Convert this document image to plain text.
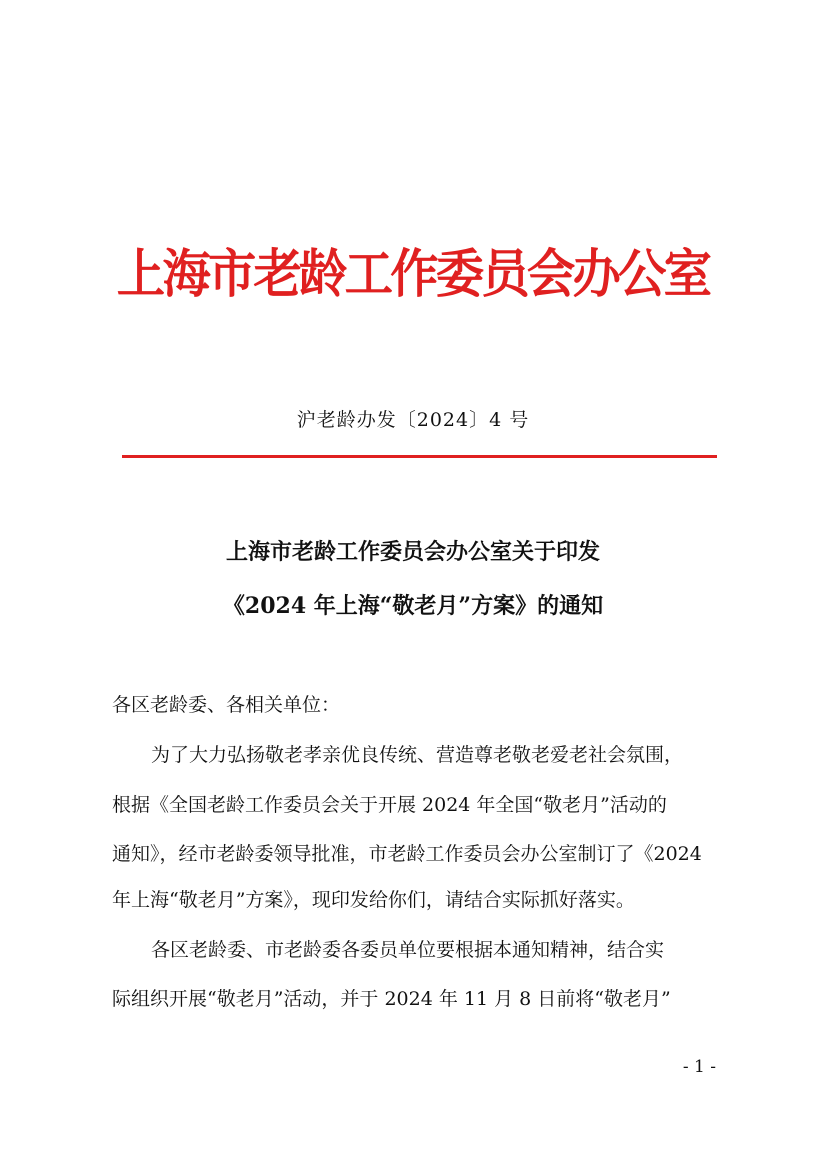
上海市老龄工作委员会办公室
沪老龄办发〔2024〕4 号
上海市老龄工作委员会办公室关于印发
《2024 年上海“敬老月”方案》的通知
各区老龄委、各相关单位：
为了大力弘扬敬老孝亲优良传统、营造尊老敬老爱老社会氛围，
根据《全国老龄工作委员会关于开展 2024 年全国“敬老月”活动的
通知》，经市老龄委领导批准，市老龄工作委员会办公室制订了《2024
年上海“敬老月”方案》，现印发给你们，请结合实际抓好落实。
各区老龄委、市老龄委各委员单位要根据本通知精神，结合实
际组织开展“敬老月”活动，并于 2024 年 11 月 8 日前将“敬老月”
- 1 -
